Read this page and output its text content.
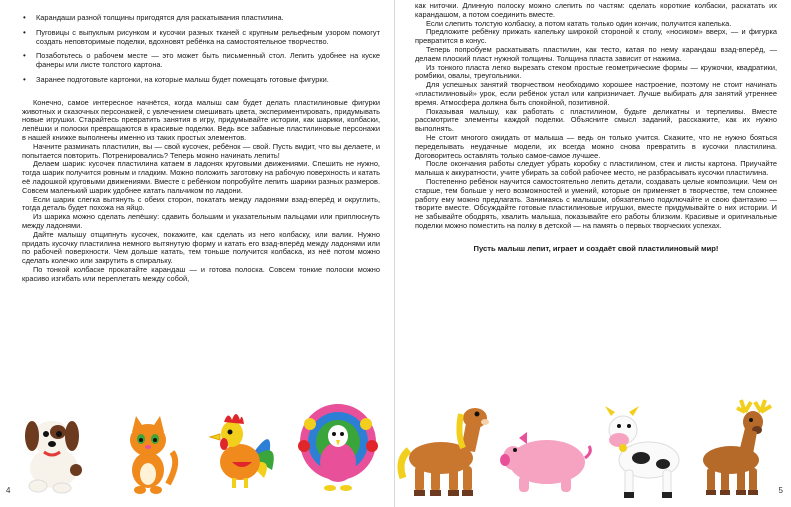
• Карандаши разной толщины пригодятся для раскатывания пластилина.
• Пуговицы с выпуклым рисунком и кусочки разных тканей с крупным рельефным узором помогут создать неповторимые поделки, вдохновят ребёнка на самостоятельное творчество.
• Позаботьтесь о рабочем месте — это может быть письменный стол. Лепить удобнее на куске фанеры или листе толстого картона.
• Заранее подготовьте картонки, на которые малыш будет помещать готовые фигурки.

Конечно, самое интересное начнётся, когда малыш сам будет делать пластилиновые фигурки животных и сказочных персонажей, с увлечением смешивать цвета, экспериментировать, придумывать новые игрушки. Старайтесь превратить занятия в игру, придумывайте истории, как шарики, колбаски, лепёшки и полоски превращаются в красивые поделки. Ведь все забавные пластилиновые персонажи в нашей книжке выполнены именно из таких простых элементов.

Начните разминать пластилин, вы — свой кусочек, ребёнок — свой. Пусть видит, что вы делаете, и попытается повторить. Потренировались? Теперь можно начинать лепить!

Делаем шарик: кусочек пластилина катаем в ладонях круговыми движениями. Спешить не нужно, тогда шарик получится ровным и гладким. Можно положить заготовку на рабочую поверхность и катать её ладошкой круговыми движениями. Вместе с ребёнком попробуйте лепить шарики разных размеров. Совсем маленький шарик удобнее катать пальчиком по ладони.

Если шарик слегка вытянуть с обеих сторон, покатать между ладонями взад-вперёд и округлить, тогда деталь будет похожа на яйцо.

Из шарика можно сделать лепёшку: сдавить большим и указательным пальцами или приплюснуть между ладонями.

Дайте малышу отщипнуть кусочек, покажите, как сделать из него колбаску, или валик. Нужно придать кусочку пластилина немного вытянутую форму и катать его взад-вперёд между ладонями или по рабочей поверхности. Чем дольше катать, тем тоньше получится колбаска, из неё потом можно сделать колечко или закрутить в спиральку.

По тонкой колбаске прокатайте карандаш — и готова полоска. Совсем тонкие полоски можно красиво изгибать или переплетать между собой,

4

как ниточки. Длинную полоску можно слепить по частям: сделать короткие колбаски, раскатать их карандашом, а потом соединить вместе.

Если слепить толстую колбаску, а потом катать только один кончик, получится капелька.

Предложите ребёнку прижать капельку широкой стороной к столу, «носиком» вверх, — и фигурка превратится в конус.

Теперь попробуем раскатывать пластилин, как тесто, катая по нему карандаш взад-вперёд, — делаем плоский пласт нужной толщины. Толщина пласта зависит от нажима.

Из тонкого пласта легко вырезать стеком простые геометрические формы — кружочки, квадратики, ромбики, овалы, треугольники.

Для успешных занятий творчеством необходимо хорошее настроение, поэтому не стоит начинать «пластилиновый» урок, если ребёнок устал или капризничает. Лучше выбирать для занятий утреннее время. Атмосфера должна быть спокойной, позитивной.

Показывая малышу, как работать с пластилином, будьте деликатны и терпеливы. Вместе рассмотрите элементы каждой поделки. Объясните смысл заданий, расскажите, как их нужно выполнять.

Не стоит многого ожидать от малыша — ведь он только учится. Скажите, что не нужно бояться переделывать неудачные модели, их всегда можно снова превратить в кусочки пластилина. Договоритесь оставлять только самое-самое лучшее.

После окончания работы следует убрать коробку с пластилином, стек и листы картона. Приучайте малыша к аккуратности, учите убирать за собой рабочее место, не разбрасывать кусочки пластилина.

Постепенно ребёнок научится самостоятельно лепить детали, создавать целые композиции. Чем он старше, тем больше у него возможностей и умений, которые он применяет в творчестве, тем сложнее работу ему можно предлагать. Занимаясь с малышом, обязательно подключайте и свою фантазию — творите вместе. Обсуждайте готовые пластилиновые игрушки, вместе придумывайте о них истории. И не забывайте ободрять, хвалить малыша, показывайте его работы близким. Красивые и оригинальные поделки можно поместить на полку в детской — на память о первых творческих успехах.

Пусть малыш лепит, играет и создаёт свой пластилиновый мир!

5
